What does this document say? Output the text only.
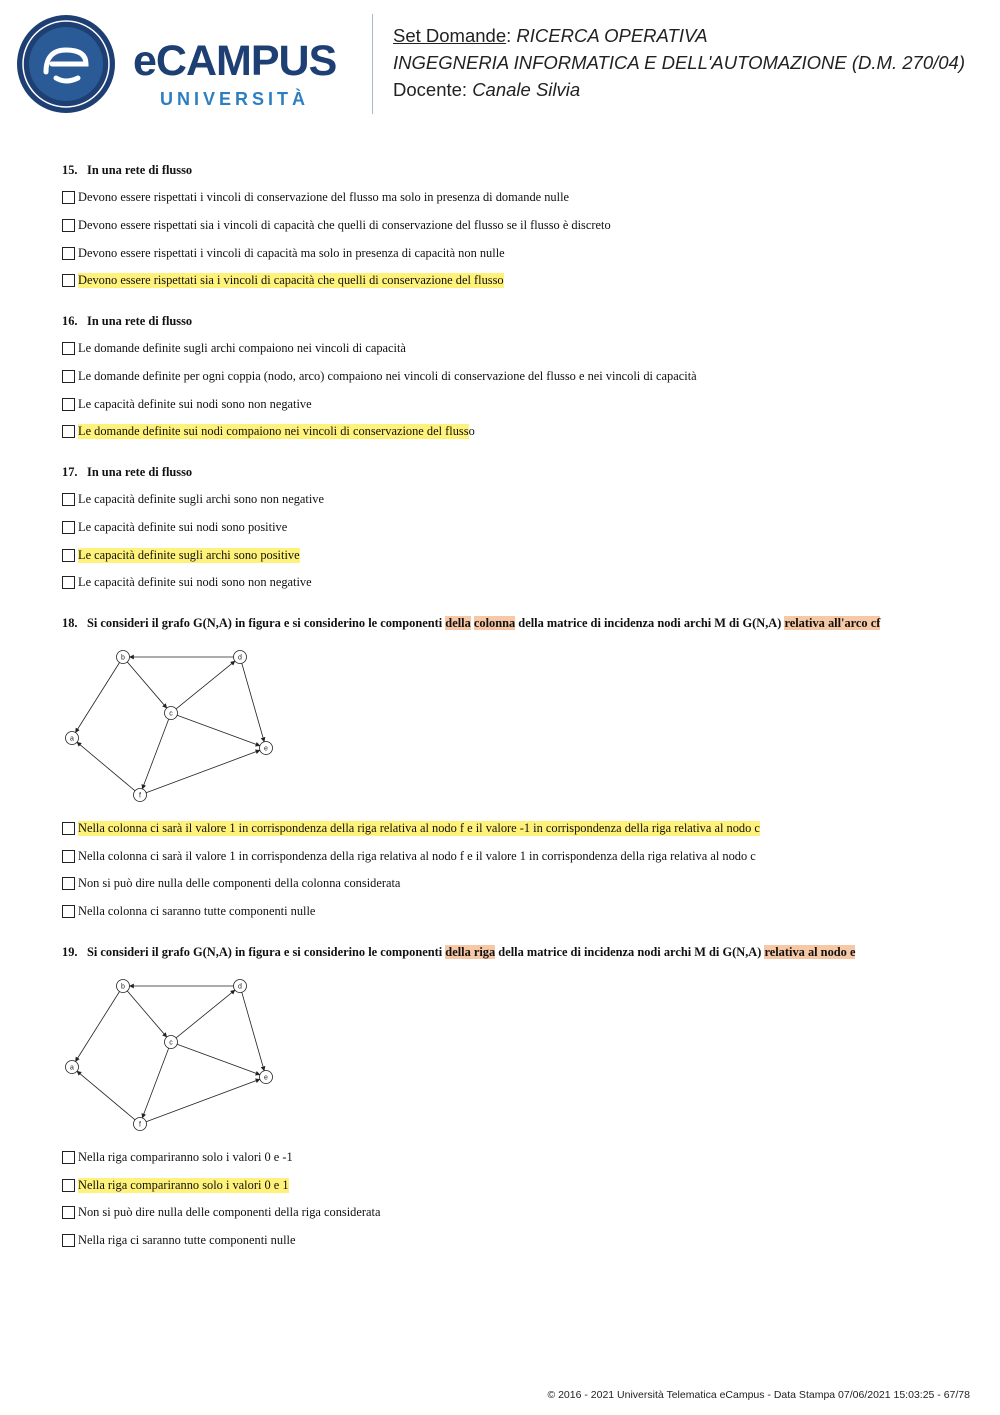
eCAMPUS
UNIVERSITÀ
Set Domande: RICERCA OPERATIVA
INGEGNERIA INFORMATICA E DELL'AUTOMAZIONE (D.M. 270/04)
Docente: Canale Silvia
15. In una rete di flusso
Devono essere rispettati i vincoli di conservazione del flusso ma solo in presenza di domande nulle
Devono essere rispettati sia i vincoli di capacità che quelli di conservazione del flusso se il flusso è discreto
Devono essere rispettati i vincoli di capacità ma solo in presenza di capacità non nulle
Devono essere rispettati sia i vincoli di capacità che quelli di conservazione del flusso
16. In una rete di flusso
Le domande definite sugli archi compaiono nei vincoli di capacità
Le domande definite per ogni coppia (nodo, arco) compaiono nei vincoli di conservazione del flusso e nei vincoli di capacità
Le capacità definite sui nodi sono non negative
Le domande definite sui nodi compaiono nei vincoli di conservazione del fluss o
17. In una rete di flusso
Le capacità definite sugli archi sono non negative
Le capacità definite sui nodi sono positive
Le capacità definite sugli archi sono positive
Le capacità definite sui nodi sono non negative
18. Si consideri il grafo G(N,A) in figura e si considerino le componenti della colonna della matrice di incidenza nodi archi M di G(N,A) relativa all'arco cf
a
b
c
d
e
f
Nella colonna ci sarà il valore 1 in corrispondenza della riga relativa al nodo f e il valore -1 in corrispondenza della riga relativa al nodo c
Nella colonna ci sarà il valore 1 in corrispondenza della riga relativa al nodo f e il valore 1 in corrispondenza della riga relativa al nodo c
Non si può dire nulla delle componenti della colonna considerata
Nella colonna ci saranno tutte componenti nulle
19. Si consideri il grafo G(N,A) in figura e si considerino le componenti della riga della matrice di incidenza nodi archi M di G(N,A) relativa al nodo e
a
b
c
d
e
f
Nella riga compariranno solo i valori 0 e -1
Nella riga compariranno solo i valori 0 e 1
Non si può dire nulla delle componenti della riga considerata
Nella riga ci saranno tutte componenti nulle
© 2016 - 2021 Università Telematica eCampus - Data Stampa 07/06/2021 15:03:25 - 67/78
